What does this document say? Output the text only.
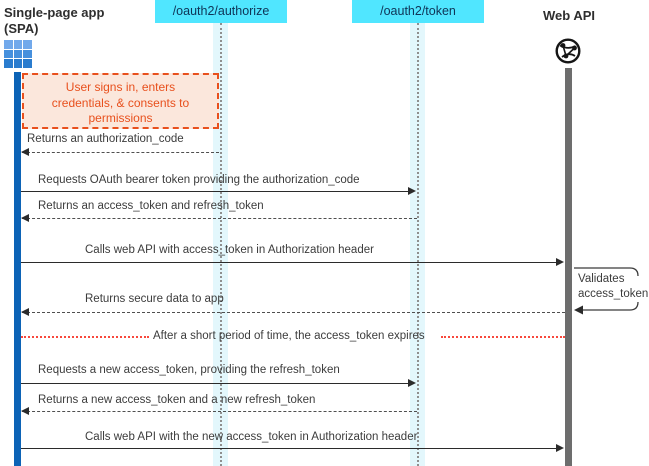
Single-page app
(SPA)
/oauth2/authorize	/oauth2/token	Web API
User signs in, enters credentials, & consents to permissions
Returns an authorization_code
Requests OAuth bearer token providing the authorization_code
Returns an access_token and refresh_token
Calls web API with access_token in Authorization header
Validates access_token
Returns secure data to app
After a short period of time, the access_token expires
Requests a new access_token, providing the refresh_token
Returns a new access_token and a new refresh_token
Calls web API with the new access_token in Authorization header
